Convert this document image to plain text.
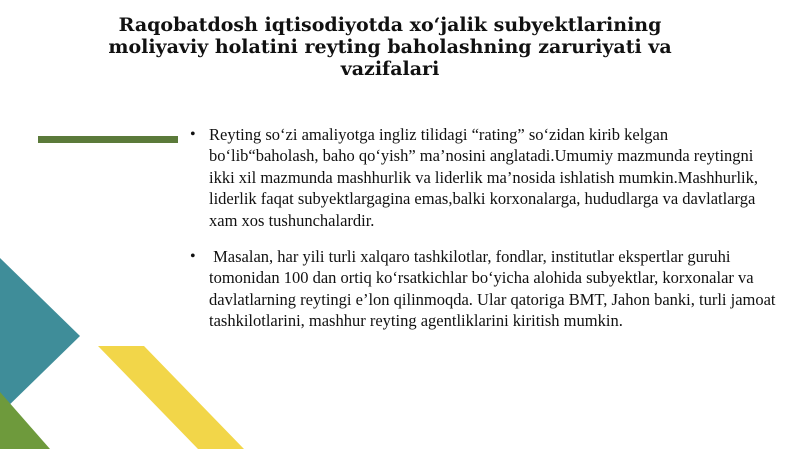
Raqobatdosh iqtisodiyotda xo‘jalik subyektlarining moliyaviy holatini reyting baholashning zaruriyati va vazifalari
• Reyting so‘zi amaliyotga ingliz tilidagi “rating” so‘zidan kirib kelgan bo‘lib“baholash, baho qo‘yish” ma’nosini anglatadi.Umumiy mazmunda reytingni ikki xil mazmunda mashhurlik va liderlik ma’nosida ishlatish mumkin.Mashhurlik, liderlik faqat subyektlargagina emas,balki korxonalarga, hududlarga va davlatlarga xam xos tushunchalardir.
• Masalan, har yili turli xalqaro tashkilotlar, fondlar, institutlar ekspertlar guruhi tomonidan 100 dan ortiq ko‘rsatkichlar bo‘yicha alohida subyektlar, korxonalar va davlatlarning reytingi e’lon qilinmoqda. Ular qatoriga BMT, Jahon banki, turli jamoat tashkilotlarini, mashhur reyting agentliklarini kiritish mumkin.
